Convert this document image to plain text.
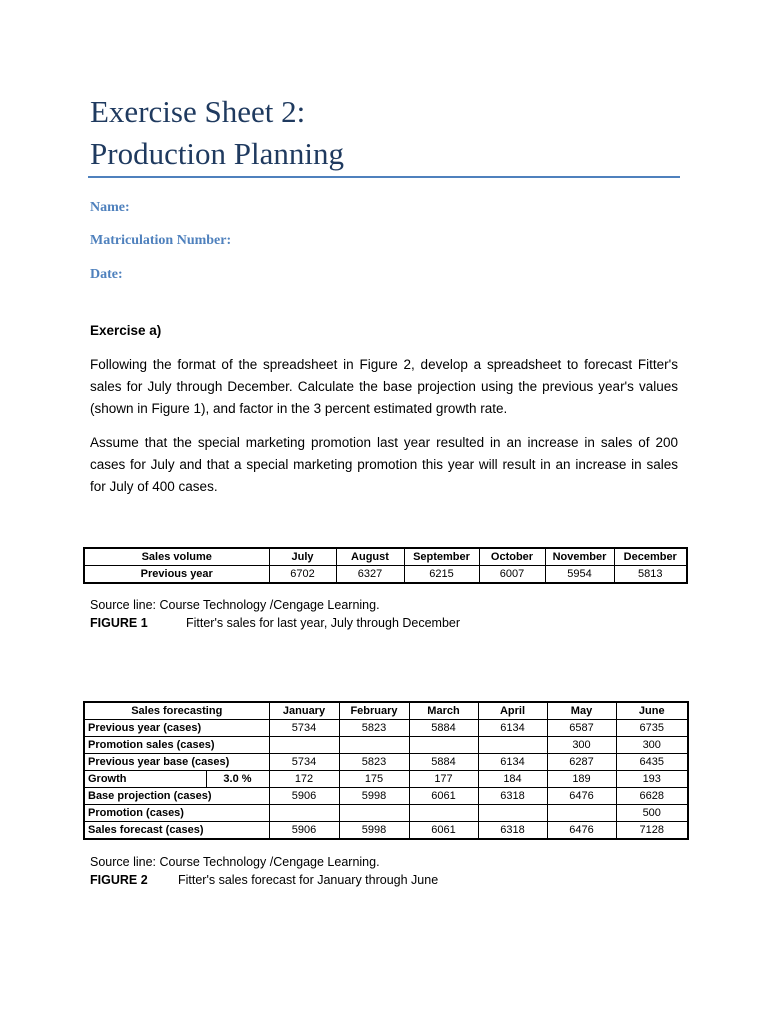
Exercise Sheet 2:
Production Planning
Name:
Matriculation Number:
Date:
Exercise a)
Following the format of the spreadsheet in Figure 2, develop a spreadsheet to forecast Fitter's sales for July through December. Calculate the base projection using the previous year's values (shown in Figure 1), and factor in the 3 percent estimated growth rate.
Assume that the special marketing promotion last year resulted in an increase in sales of 200 cases for July and that a special marketing promotion this year will result in an increase in sales for July of 400 cases.
Sales volume	July	August	September	October	November	December
Previous year	6702	6327	6215	6007	5954	5813
Source line: Course Technology /Cengage Learning.
FIGURE 1	Fitter's sales for last year, July through December
Sales forecasting		January	February	March	April	May	June
Previous year (cases)		5734	5823	5884	6134	6587	6735
Promotion sales (cases)						300	300
Previous year base (cases)		5734	5823	5884	6134	6287	6435
Growth	3.0 %	172	175	177	184	189	193
Base projection (cases)		5906	5998	6061	6318	6476	6628
Promotion (cases)							500
Sales forecast (cases)		5906	5998	6061	6318	6476	7128
Source line: Course Technology /Cengage Learning.
FIGURE 2 Fitter's sales forecast for January through June
